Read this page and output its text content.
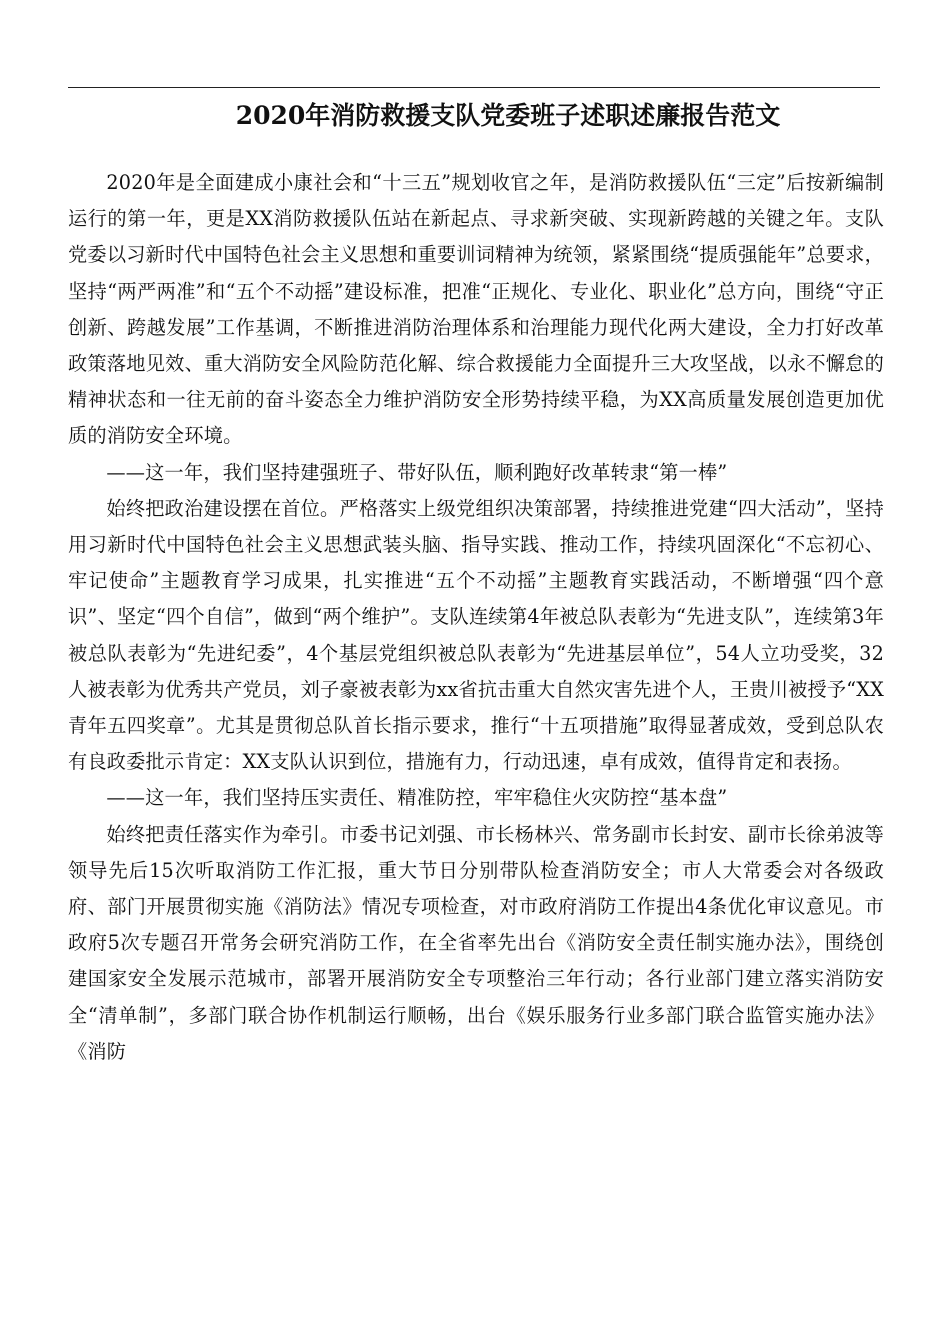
2020年消防救援支队党委班子述职述廉报告范文

2020年是全面建成小康社会和“十三五”规划收官之年，是消防救援队伍“三定”后按新编制运行的第一年，更是XX消防救援队伍站在新起点、寻求新突破、实现新跨越的关键之年。支队党委以习新时代中国特色社会主义思想和重要训词精神为统领，紧紧围绕“提质强能年”总要求，坚持“两严两准”和“五个不动摇”建设标准，把准“正规化、专业化、职业化”总方向，围绕“守正创新、跨越发展”工作基调，不断推进消防治理体系和治理能力现代化两大建设，全力打好改革政策落地见效、重大消防安全风险防范化解、综合救援能力全面提升三大攻坚战，以永不懈怠的精神状态和一往无前的奋斗姿态全力维护消防安全形势持续平稳，为XX高质量发展创造更加优质的消防安全环境。

——这一年，我们坚持建强班子、带好队伍，顺利跑好改革转隶“第一棒”

始终把政治建设摆在首位。严格落实上级党组织决策部署，持续推进党建“四大活动”，坚持用习新时代中国特色社会主义思想武装头脑、指导实践、推动工作，持续巩固深化“不忘初心、牢记使命”主题教育学习成果，扎实推进“五个不动摇”主题教育实践活动，不断增强“四个意识”、坚定“四个自信”，做到“两个维护”。支队连续第4年被总队表彰为“先进支队”，连续第3年被总队表彰为“先进纪委”，4个基层党组织被总队表彰为“先进基层单位”，54人立功受奖，32人被表彰为优秀共产党员，刘子豪被表彰为xx省抗击重大自然灾害先进个人，王贵川被授予“XX青年五四奖章”。尤其是贯彻总队首长指示要求，推行“十五项措施”取得显著成效，受到总队农有良政委批示肯定：XX支队认识到位，措施有力，行动迅速，卓有成效，值得肯定和表扬。

——这一年，我们坚持压实责任、精准防控，牢牢稳住火灾防控“基本盘”

始终把责任落实作为牵引。市委书记刘强、市长杨林兴、常务副市长封安、副市长徐弟波等领导先后15次听取消防工作汇报，重大节日分别带队检查消防安全；市人大常委会对各级政府、部门开展贯彻实施《消防法》情况专项检查，对市政府消防工作提出4条优化审议意见。市政府5次专题召开常务会研究消防工作，在全省率先出台《消防安全责任制实施办法》，围绕创建国家安全发展示范城市，部署开展消防安全专项整治三年行动；各行业部门建立落实消防安全“清单制”，多部门联合协作机制运行顺畅，出台《娱乐服务行业多部门联合监管实施办法》《消防
